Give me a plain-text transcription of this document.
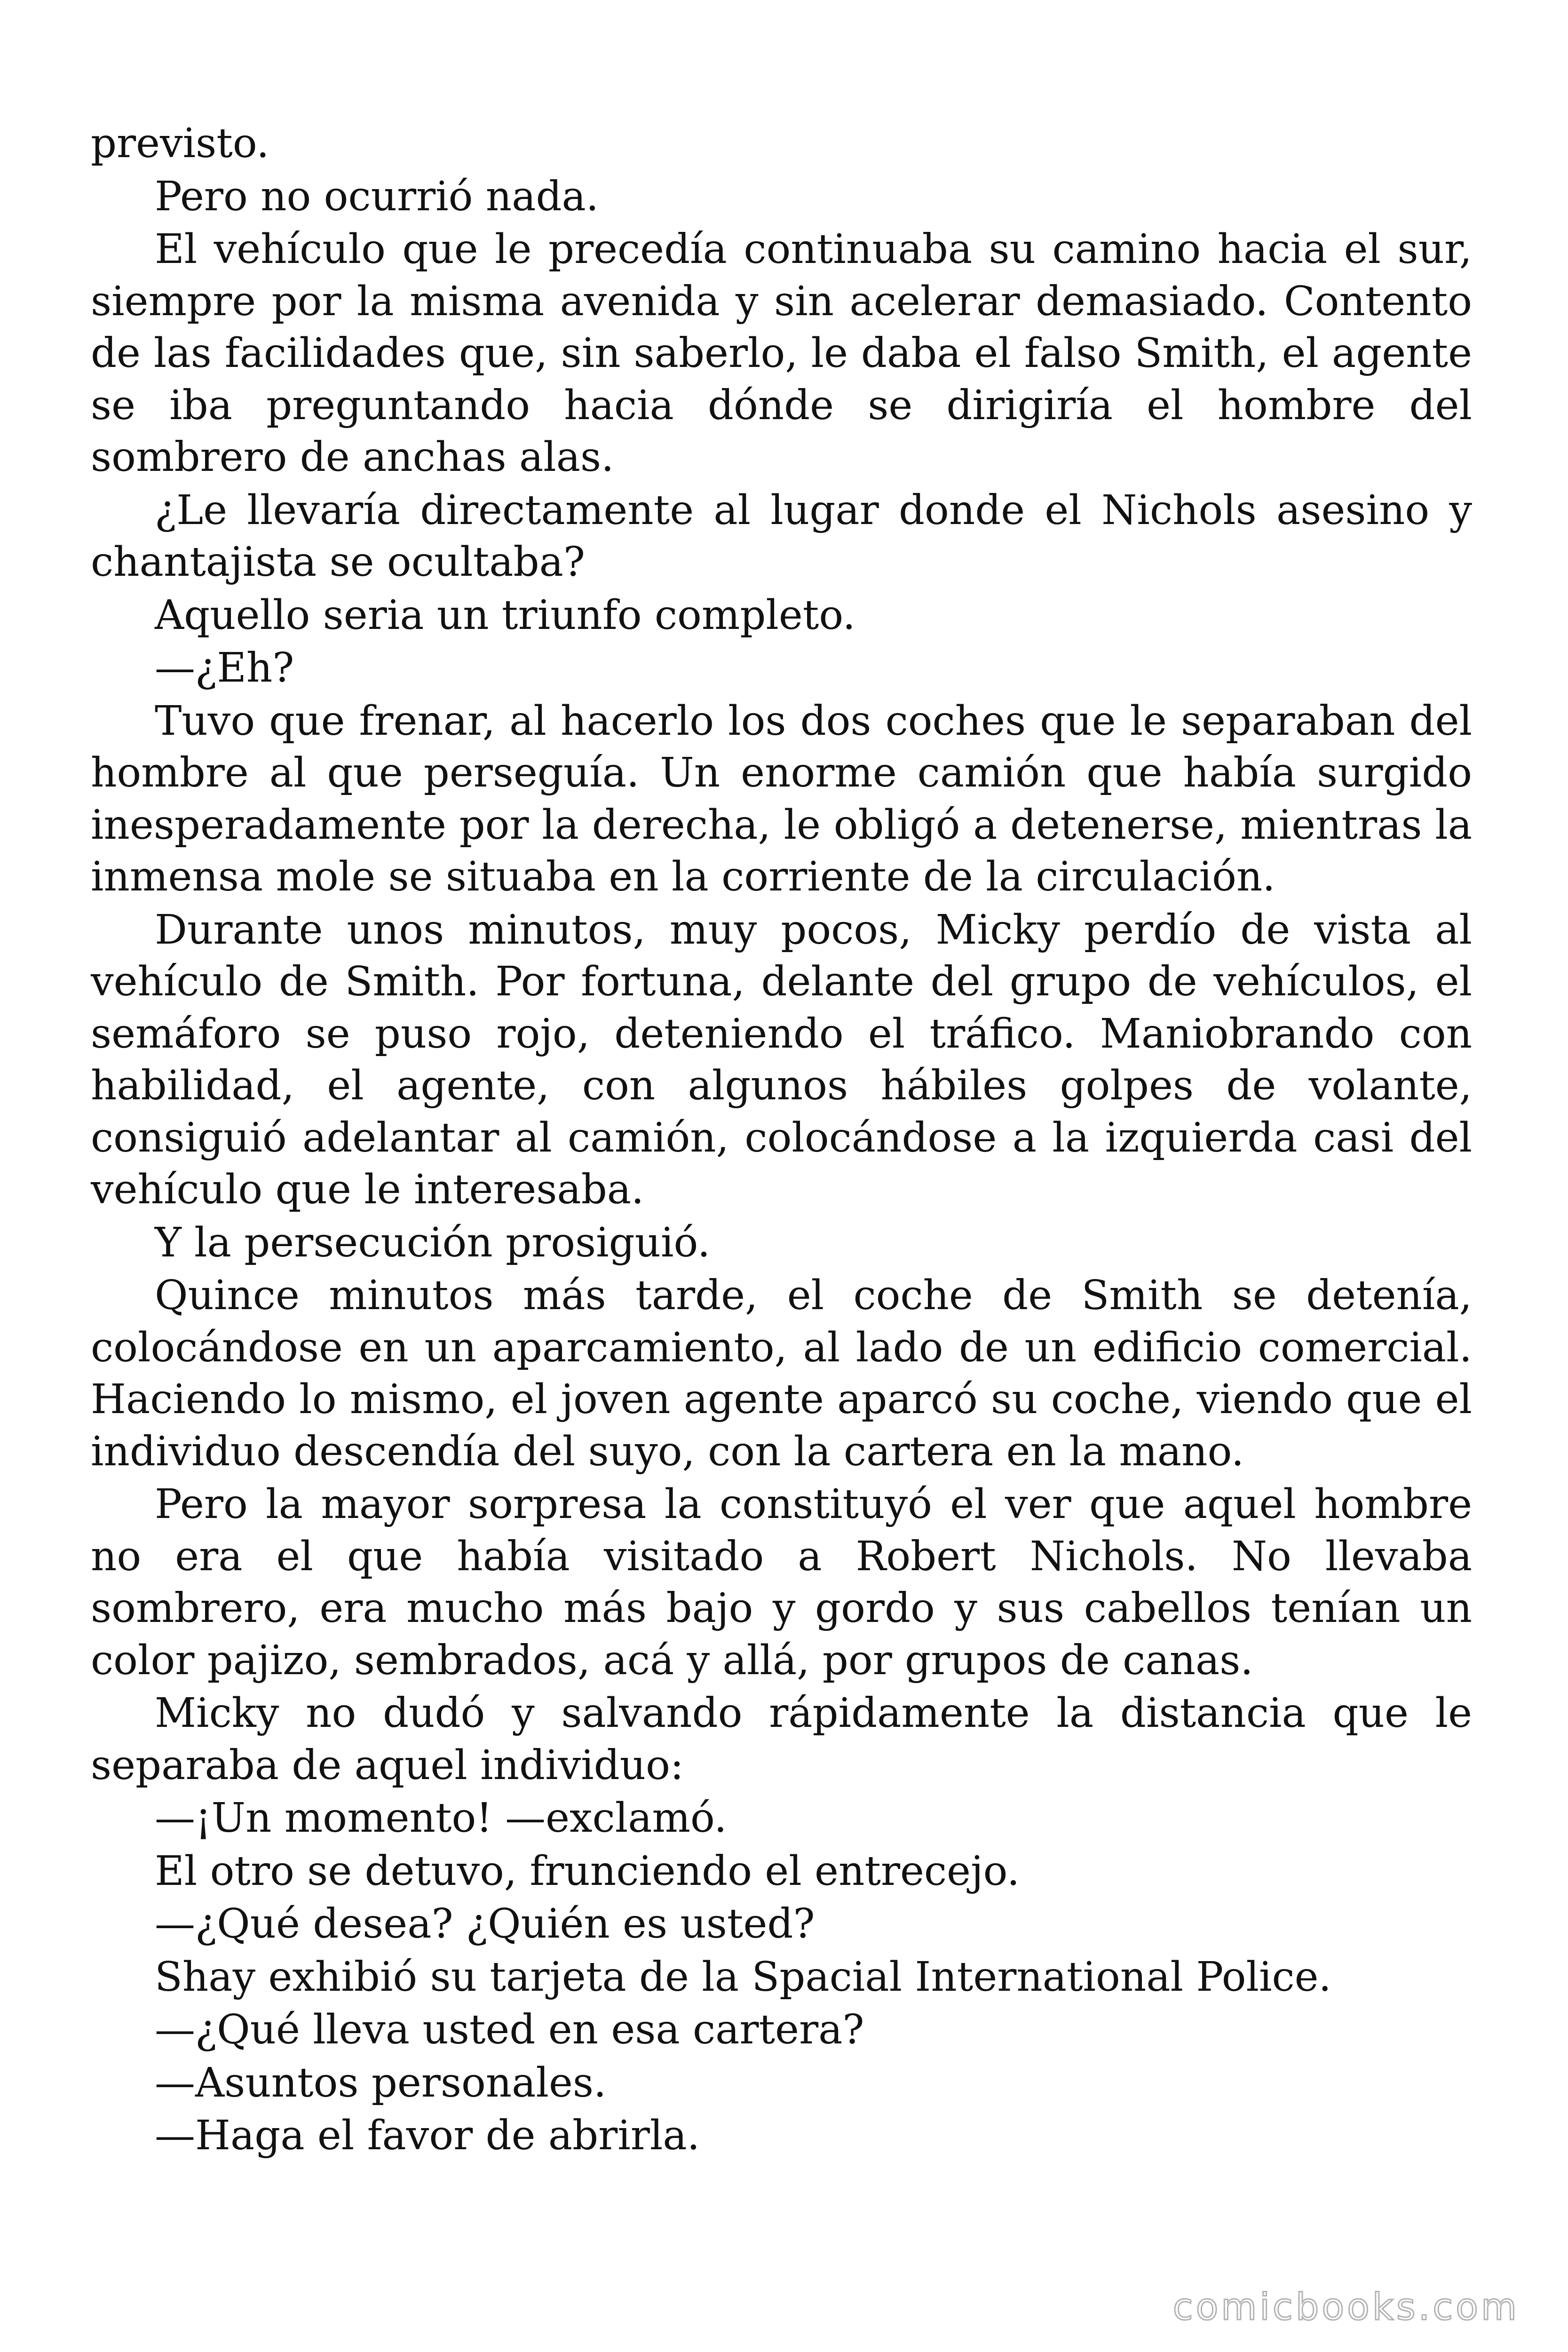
previsto.

Pero no ocurrió nada.

El vehículo que le precedía continuaba su camino hacia el sur, siempre por la misma avenida y sin acelerar demasiado. Contento de las facilidades que, sin saberlo, le daba el falso Smith, el agente se iba preguntando hacia dónde se dirigiría el hombre del sombrero de anchas alas.

¿Le llevaría directamente al lugar donde el Nichols asesino y chantajista se ocultaba?

Aquello seria un triunfo completo.

—¿Eh?

Tuvo que frenar, al hacerlo los dos coches que le separaban del hombre al que perseguía. Un enorme camión que había surgido inesperadamente por la derecha, le obligó a detenerse, mientras la inmensa mole se situaba en la corriente de la circulación.

Durante unos minutos, muy pocos, Micky perdío de vista al vehículo de Smith. Por fortuna, delante del grupo de vehículos, el semáforo se puso rojo, deteniendo el tráfico. Maniobrando con habilidad, el agente, con algunos hábiles golpes de volante, consiguió adelantar al camión, colocándose a la izquierda casi del vehículo que le interesaba.

Y la persecución prosiguió.

Quince minutos más tarde, el coche de Smith se detenía, colocándose en un aparcamiento, al lado de un edificio comercial. Haciendo lo mismo, el joven agente aparcó su coche, viendo que el individuo descendía del suyo, con la cartera en la mano.

Pero la mayor sorpresa la constituyó el ver que aquel hombre no era el que había visitado a Robert Nichols. No llevaba sombrero, era mucho más bajo y gordo y sus cabellos tenían un color pajizo, sembrados, acá y allá, por grupos de canas.

Micky no dudó y salvando rápidamente la distancia que le separaba de aquel individuo:

—¡Un momento! —exclamó.

El otro se detuvo, frunciendo el entrecejo.

—¿Qué desea? ¿Quién es usted?

Shay exhibió su tarjeta de la Spacial International Police.

—¿Qué lleva usted en esa cartera?

—Asuntos personales.

—Haga el favor de abrirla.

comicbooks.com
